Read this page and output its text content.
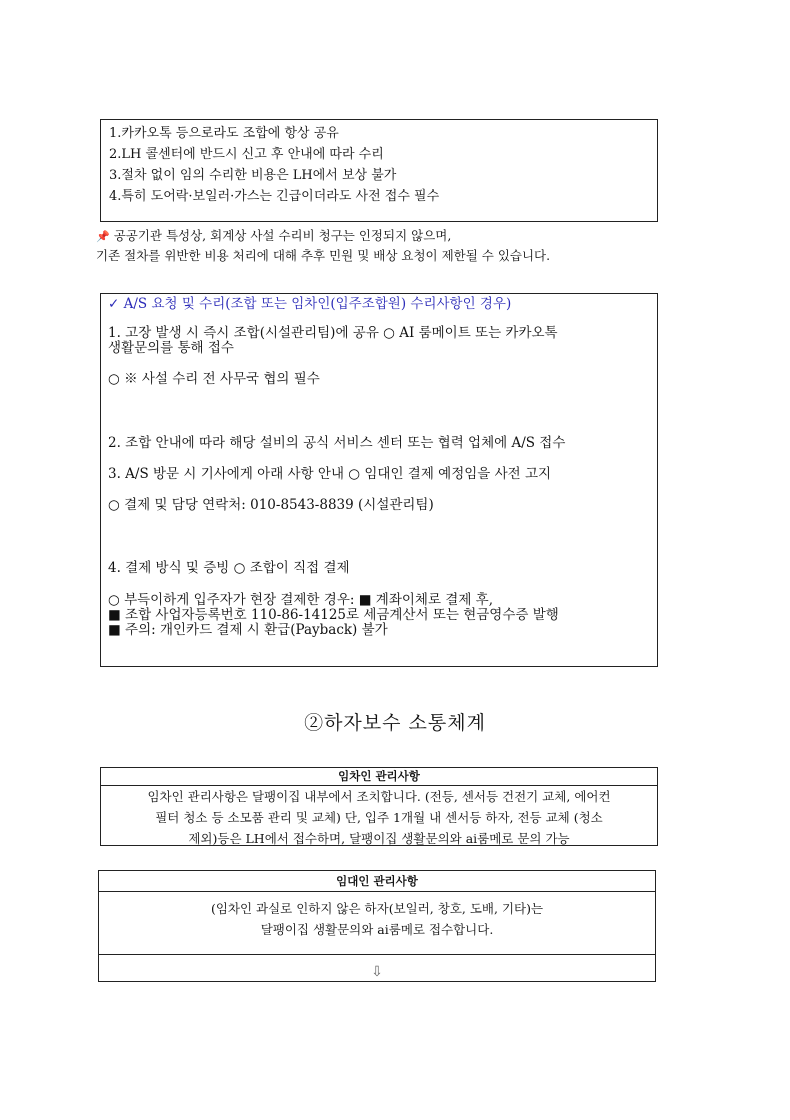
1.카카오톡 등으로라도 조합에 항상 공유
2.LH 콜센터에 반드시 신고 후 안내에 따라 수리
3.절차 없이 임의 수리한 비용은 LH에서 보상 불가
4.특히 도어락·보일러·가스는 긴급이더라도 사전 접수 필수
📌 공공기관 특성상, 회계상 사설 수리비 청구는 인정되지 않으며,
기존 절차를 위반한 비용 처리에 대해 추후 민원 및 배상 요청이 제한될 수 있습니다.
✓ A/S 요청 및 수리(조합 또는 임차인(입주조합원) 수리사항인 경우)
1. 고장 발생 시 즉시 조합(시설관리팀)에 공유 ○ AI 룸메이트 또는 카카오톡
생활문의를 통해 접수
○ ※ 사설 수리 전 사무국 협의 필수
2. 조합 안내에 따라 해당 설비의 공식 서비스 센터 또는 협력 업체에 A/S 접수
3. A/S 방문 시 기사에게 아래 사항 안내 ○ 임대인 결제 예정임을 사전 고지
○ 결제 및 담당 연락처: 010-8543-8839 (시설관리팀)
4. 결제 방식 및 증빙 ○ 조합이 직접 결제
○ 부득이하게 입주자가 현장 결제한 경우: ■ 계좌이체로 결제 후,
■ 조합 사업자등록번호 110-86-14125로 세금계산서 또는 현금영수증 발행
■ 주의: 개인카드 결제 시 환급(Payback) 불가
②하자보수 소통체계
임차인 관리사항
임차인 관리사항은 달팽이집 내부에서 조치합니다. (전등, 센서등 건전기 교체, 에어컨
필터 청소 등 소모품 관리 및 교체) 단, 입주 1개월 내 센서등 하자, 전등 교체 (청소
제외)등은 LH에서 접수하며, 달팽이집 생활문의와 ai룸메로 문의 가능
임대인 관리사항
(임차인 과실로 인하지 않은 하자(보일러, 창호, 도배, 기타)는
달팽이집 생활문의와 ai룸메로 접수합니다.
⇩
